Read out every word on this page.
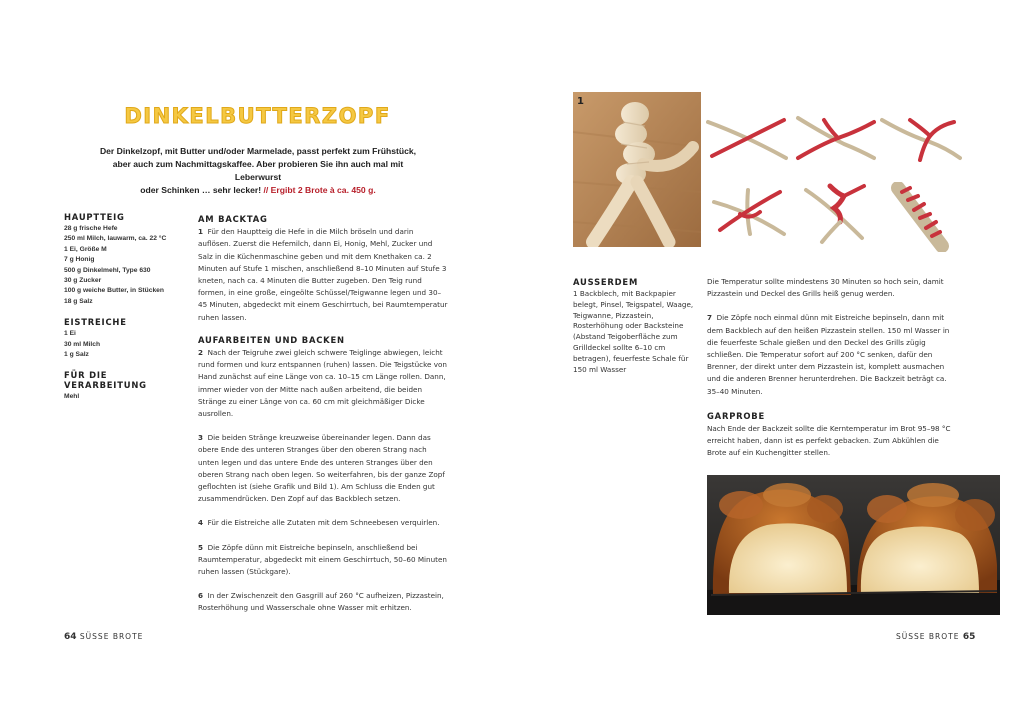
DINKELBUTTERZOPF
Der Dinkelzopf, mit Butter und/oder Marmelade, passt perfekt zum Frühstück,
aber auch zum Nachmittagskaffee. Aber probieren Sie ihn auch mal mit Leberwurst
oder Schinken … sehr lecker! // Ergibt 2 Brote à ca. 450 g.
HAUPTTEIG
28 g frische Hefe
250 ml Milch, lauwarm, ca. 22 °C
1 Ei, Größe M
7 g Honig
500 g Dinkelmehl, Type 630
30 g Zucker
100 g weiche Butter, in Stücken
18 g Salz
EISTREICHE
1 Ei
30 ml Milch
1 g Salz
FÜR DIE VERARBEITUNG
Mehl
AM BACKTAG

1 Für den Hauptteig die Hefe in die Milch bröseln und darin auflösen. Zuerst die Hefemilch, dann Ei, Honig, Mehl, Zucker und Salz in die Küchenmaschine geben und mit dem Knethaken ca. 2 Minuten auf Stufe 1 mischen, anschließend 8–10 Minuten auf Stufe 3 kneten, nach ca. 4 Minuten die Butter zugeben. Den Teig rund formen, in eine große, eingeölte Schüssel/Teigwanne legen und 30–45 Minuten, abgedeckt mit einem Geschirrtuch, bei Raumtemperatur ruhen lassen.

AUFARBEITEN UND BACKEN

2 Nach der Teigruhe zwei gleich schwere Teiglinge abwiegen, leicht rund formen und kurz entspannen (ruhen) lassen. Die Teigstücke von Hand zunächst auf eine Länge von ca. 10–15 cm Länge rollen. Dann, immer wieder von der Mitte nach außen arbeitend, die beiden Stränge zu einer Länge von ca. 60 cm mit gleichmäßiger Dicke ausrollen.

3 Die beiden Stränge kreuzweise übereinander legen. Dann das obere Ende des unteren Stranges über den oberen Strang nach unten legen und das untere Ende des unteren Stranges über den oberen Strang nach oben legen. So weiterfahren, bis der ganze Zopf geflochten ist (siehe Grafik und Bild 1). Am Schluss die Enden gut zusammendrücken. Den Zopf auf das Backblech setzen.

4 Für die Eistreiche alle Zutaten mit dem Schneebesen verquirlen.

5 Die Zöpfe dünn mit Eistreiche bepinseln, anschließend bei Raumtemperatur, abgedeckt mit einem Geschirrtuch, 50–60 Minuten ruhen lassen (Stückgare).

6 In der Zwischenzeit den Gasgrill auf 260 °C aufheizen, Pizzastein, Rosterhöhung und Wasserschale ohne Wasser mit erhitzen.

64 SÜSSE BROTE	SÜSSE BROTE 65
1
AUSSERDEM
1 Backblech, mit Backpapier belegt, Pinsel, Teigspatel, Waage, Teigwanne, Pizzastein, Rosterhöhung oder Backsteine (Abstand Teigoberfläche zum Grilldeckel sollte 6–10 cm betragen), feuerfeste Schale für 150 ml Wasser

Die Temperatur sollte mindestens 30 Minuten so hoch sein, damit Pizzastein und Deckel des Grills heiß genug werden.

7 Die Zöpfe noch einmal dünn mit Eistreiche bepinseln, dann mit dem Backblech auf den heißen Pizzastein stellen. 150 ml Wasser in die feuerfeste Schale gießen und den Deckel des Grills zügig schließen. Die Temperatur sofort auf 200 °C senken, dafür den Brenner, der direkt unter dem Pizzastein ist, komplett ausmachen und die anderen Brenner herunterdrehen. Die Backzeit beträgt ca. 35–40 Minuten.

GARPROBE

Nach Ende der Backzeit sollte die Kerntemperatur im Brot 95–98 °C erreicht haben, dann ist es perfekt gebacken. Zum Abkühlen die Brote auf ein Kuchengitter stellen.
